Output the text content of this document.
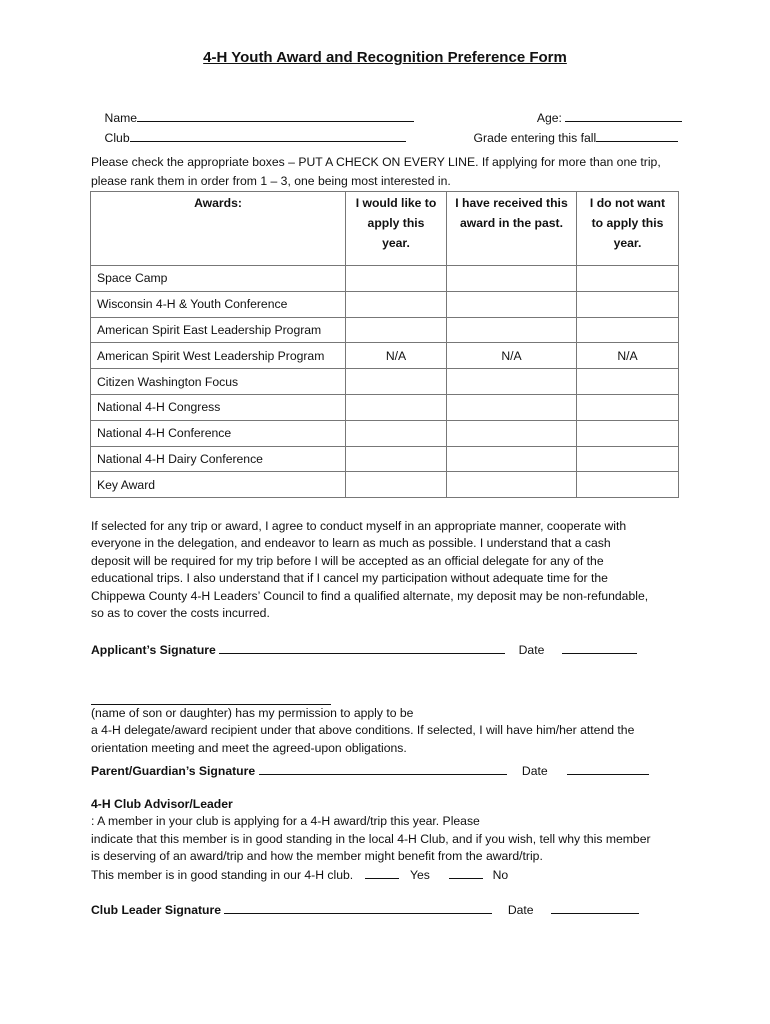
4-H Youth Award and Recognition Preference Form

Name
	Age:

Club
	Grade entering this fall

Please check the appropriate boxes – PUT A CHECK ON EVERY LINE. If applying for more than one trip,
please rank them in order from 1 – 3, one being most interested in.
Awards:	I would like to apply this year.	I have received this award in the past.	I do not want to apply this year.
Space Camp			
Wisconsin 4-H & Youth Conference			
American Spirit East Leadership Program			
American Spirit West Leadership Program	N/A	N/A	N/A
Citizen Washington Focus			
National 4-H Congress			
National 4-H Conference			
National 4-H Dairy Conference			
Key Award			
If selected for any trip or award, I agree to conduct myself in an appropriate manner, cooperate with
everyone in the delegation, and endeavor to learn as much as possible. I understand that a cash
deposit will be required for my trip before I will be accepted as an official delegate for any of the
educational trips. I also understand that if I cancel my participation without adequate time for the
Chippewa County 4-H Leaders’ Council to find a qualified alternate, my deposit may be non-refundable,
so as to cover the costs incurred.
Applicant’s Signature	Date
(name of son or daughter) has my permission to apply to be
a 4-H delegate/award recipient under that above conditions. If selected, I will have him/her attend the
orientation meeting and meet the agreed-upon obligations.
Parent/Guardian’s Signature	Date
4-H Club Advisor/Leader
: A member in your club is applying for a 4-H award/trip this year. Please
indicate that this member is in good standing in the local 4-H Club, and if you wish, tell why this member
is deserving of an award/trip and how the member might benefit from the award/trip.
This member is in good standing in our 4-H club.	Yes	No
Club Leader Signature	Date
